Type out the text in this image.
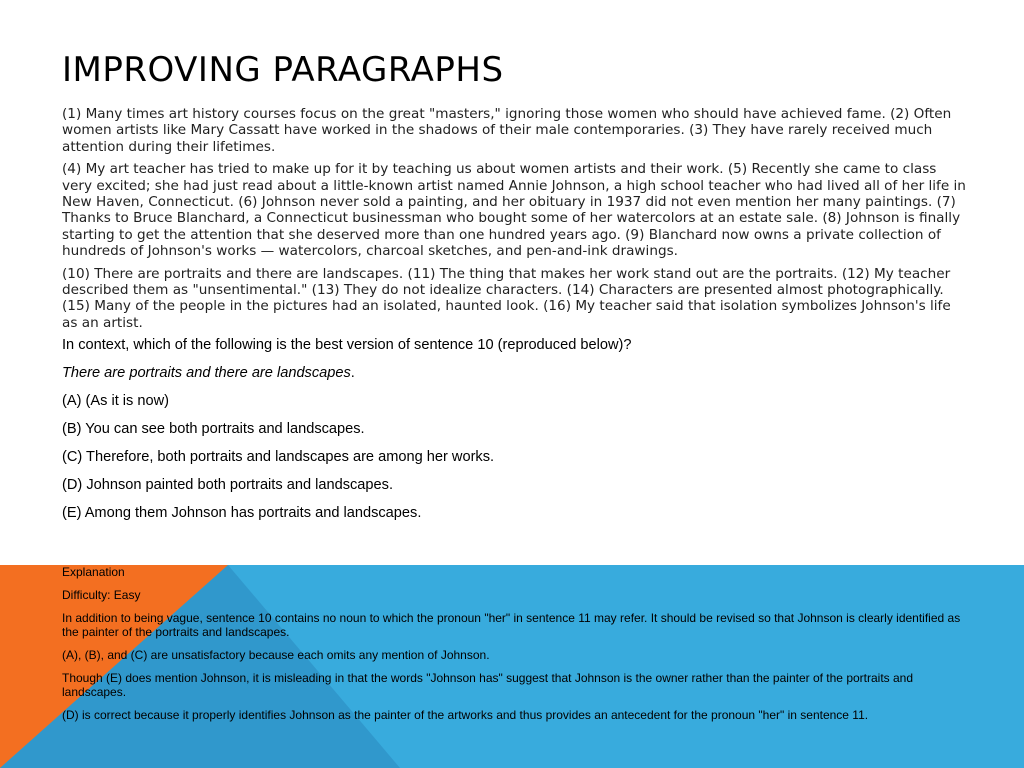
IMPROVING PARAGRAPHS

(1) Many times art history courses focus on the great "masters," ignoring those women who should have achieved fame. (2) Often women artists like Mary Cassatt have worked in the shadows of their male contemporaries. (3) They have rarely received much attention during their lifetimes.

(4) My art teacher has tried to make up for it by teaching us about women artists and their work. (5) Recently she came to class very excited; she had just read about a little-known artist named Annie Johnson, a high school teacher who had lived all of her life in New Haven, Connecticut. (6) Johnson never sold a painting, and her obituary in 1937 did not even mention her many paintings. (7) Thanks to Bruce Blanchard, a Connecticut businessman who bought some of her watercolors at an estate sale. (8) Johnson is finally starting to get the attention that she deserved more than one hundred years ago. (9) Blanchard now owns a private collection of hundreds of Johnson's works — watercolors, charcoal sketches, and pen-and-ink drawings.

(10) There are portraits and there are landscapes. (11) The thing that makes her work stand out are the portraits. (12) My teacher described them as "unsentimental." (13) They do not idealize characters. (14) Characters are presented almost photographically. (15) Many of the people in the pictures had an isolated, haunted look. (16) My teacher said that isolation symbolizes Johnson's life as an artist.

In context, which of the following is the best version of sentence 10 (reproduced below)?

There are portraits and there are landscapes.

(A) (As it is now)

(B) You can see both portraits and landscapes.

(C) Therefore, both portraits and landscapes are among her works.

(D) Johnson painted both portraits and landscapes.

(E) Among them Johnson has portraits and landscapes.

Explanation

Difficulty: Easy

In addition to being vague, sentence 10 contains no noun to which the pronoun "her" in sentence 11 may refer. It should be revised so that Johnson is clearly identified as the painter of the portraits and landscapes.

(A), (B), and (C) are unsatisfactory because each omits any mention of Johnson.

Though (E) does mention Johnson, it is misleading in that the words "Johnson has" suggest that Johnson is the owner rather than the painter of the portraits and landscapes.

(D) is correct because it properly identifies Johnson as the painter of the artworks and thus provides an antecedent for the pronoun "her" in sentence 11.
